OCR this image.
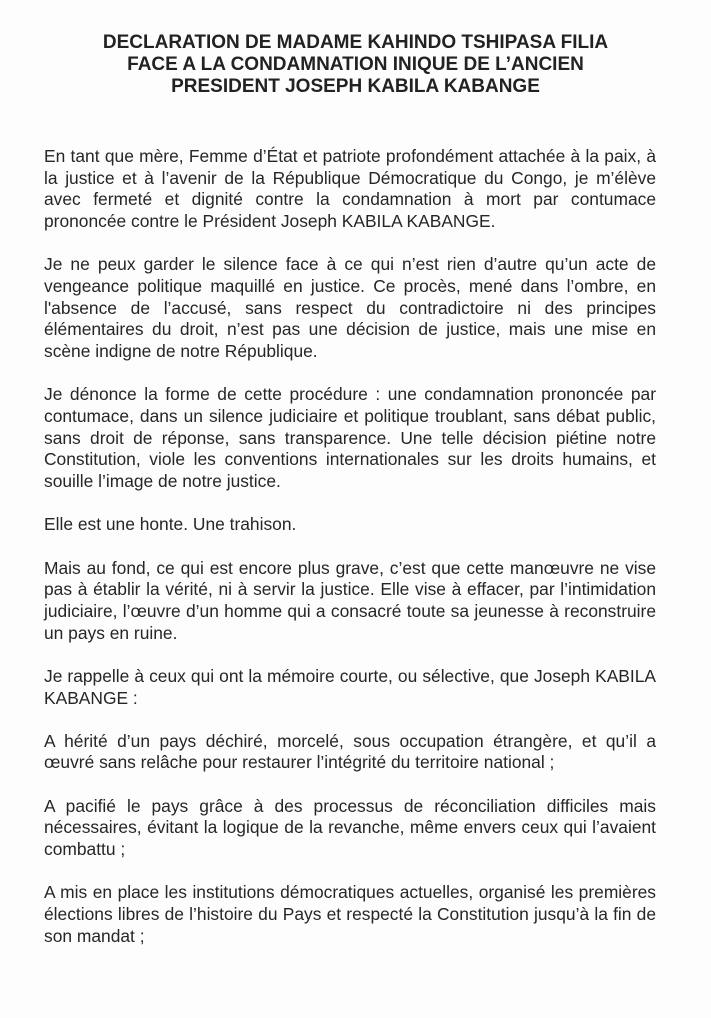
DECLARATION DE MADAME KAHINDO TSHIPASA FILIA
FACE A LA CONDAMNATION INIQUE DE L’ANCIEN
PRESIDENT JOSEPH KABILA KABANGE

En tant que mère, Femme d’État et patriote profondément attachée à la paix, à la justice et à l’avenir de la République Démocratique du Congo, je m’élève avec fermeté et dignité contre la condamnation à mort par contumace prononcée contre le Président Joseph KABILA KABANGE.

Je ne peux garder le silence face à ce qui n’est rien d’autre qu’un acte de vengeance politique maquillé en justice. Ce procès, mené dans l’ombre, en l'absence de l’accusé, sans respect du contradictoire ni des principes élémentaires du droit, n’est pas une décision de justice, mais une mise en scène indigne de notre République.

Je dénonce la forme de cette procédure : une condamnation prononcée par contumace, dans un silence judiciaire et politique troublant, sans débat public, sans droit de réponse, sans transparence. Une telle décision piétine notre Constitution, viole les conventions internationales sur les droits humains, et souille l’image de notre justice.

Elle est une honte. Une trahison.

Mais au fond, ce qui est encore plus grave, c’est que cette manœuvre ne vise pas à établir la vérité, ni à servir la justice. Elle vise à effacer, par l’intimidation judiciaire, l’œuvre d’un homme qui a consacré toute sa jeunesse à reconstruire un pays en ruine.

Je rappelle à ceux qui ont la mémoire courte, ou sélective, que Joseph KABILA KABANGE :

A hérité d’un pays déchiré, morcelé, sous occupation étrangère, et qu’il a œuvré sans relâche pour restaurer l’intégrité du territoire national ;

A pacifié le pays grâce à des processus de réconciliation difficiles mais nécessaires, évitant la logique de la revanche, même envers ceux qui l’avaient combattu ;

A mis en place les institutions démocratiques actuelles, organisé les premières élections libres de l’histoire du Pays et respecté la Constitution jusqu’à la fin de son mandat ;
